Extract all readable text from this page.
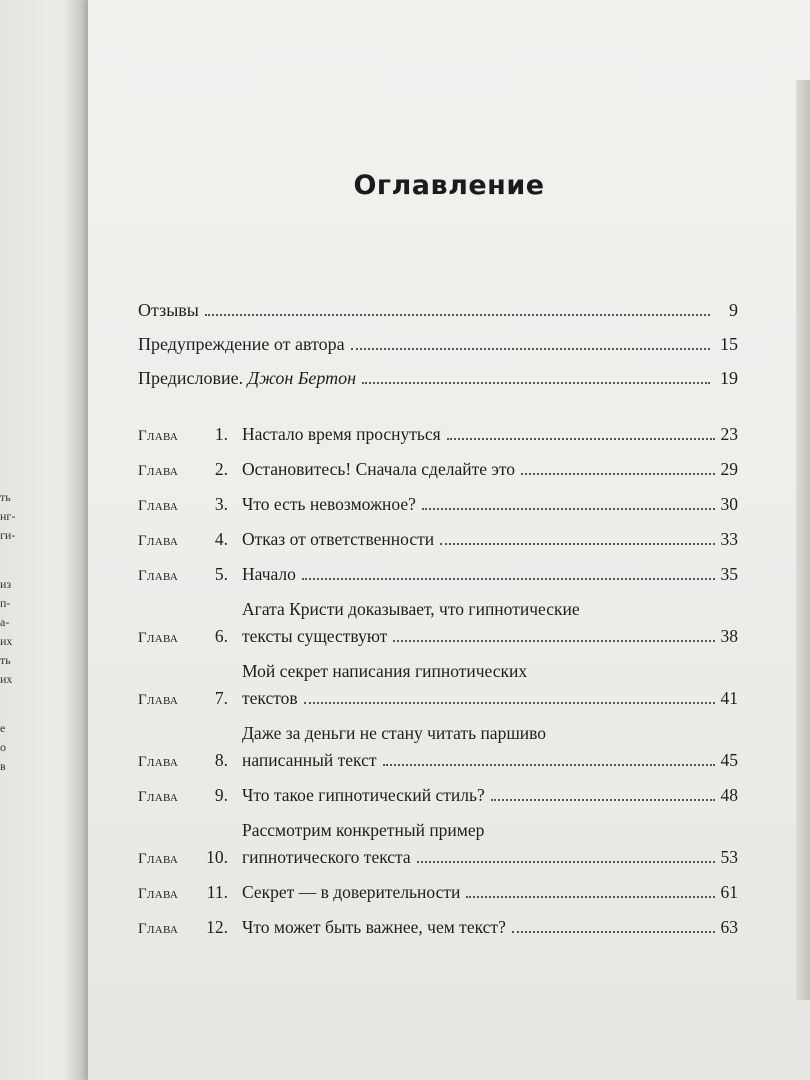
ть
нг-
ги-
из
п-
а-
их
ть
их
е
о
в
Оглавление
Отзывы	9
Предупреждение от автора	15
Предисловие. Джон Бертон	19
Глава	1. Настало время проснуться	23
Глава	2. Остановитесь! Сначала сделайте это	29
Глава	3. Что есть невозможное?	30
Глава	4. Отказ от ответственности	33
Глава	5. Начало	35
Глава	6.
Агата Кристи доказывает, что гипнотические
тексты существуют	38
Глава	7.
Мой секрет написания гипнотических
текстов	41
Глава	8.
Даже за деньги не стану читать паршиво
написанный текст	45
Глава	9. Что такое гипнотический стиль?	48
Глава	10.
Рассмотрим конкретный пример
гипнотического текста	53
Глава	11. Секрет — в доверительности	61
Глава	12. Что может быть важнее, чем текст?	63
